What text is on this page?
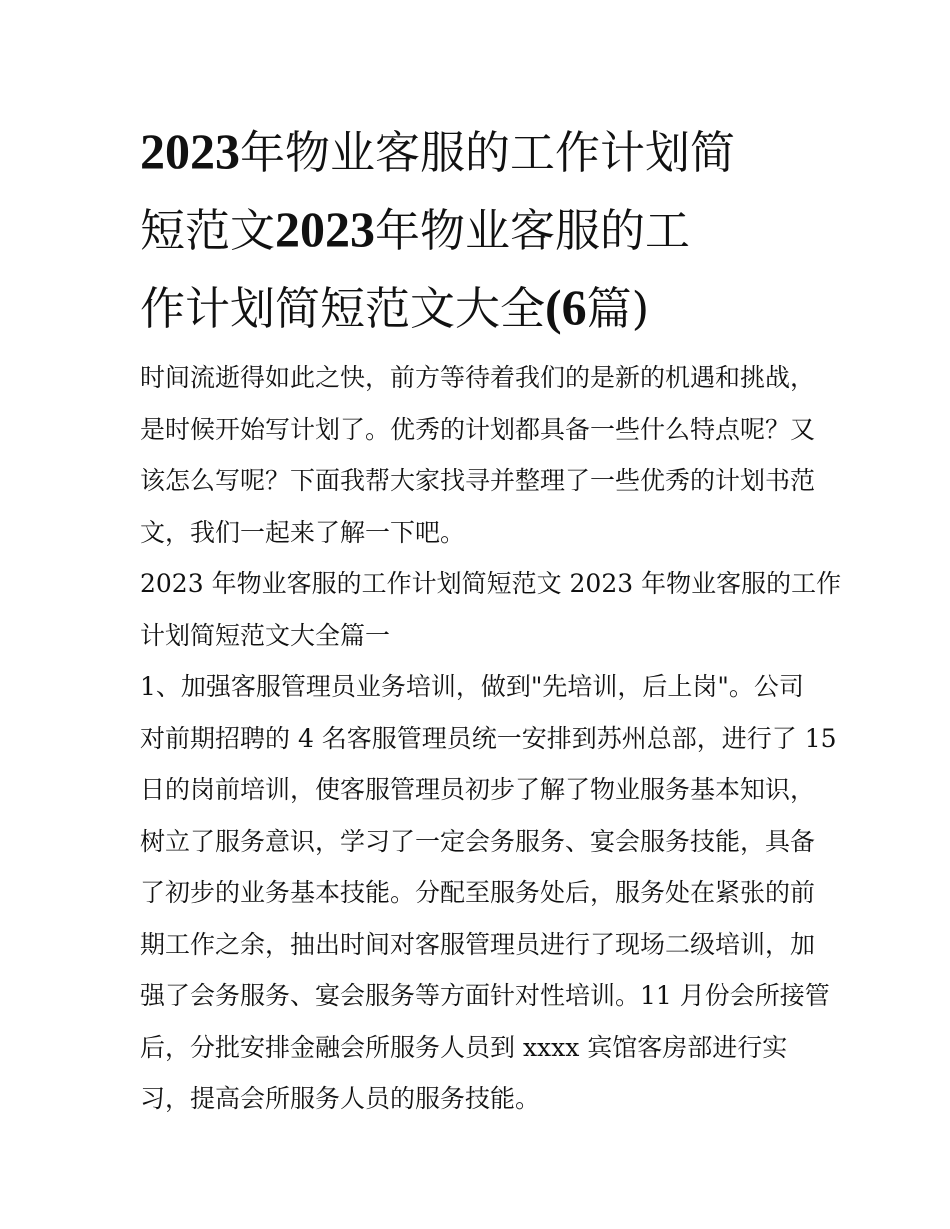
2023年物业客服的工作计划简
短范文2023年物业客服的工
作计划简短范文大全(6篇)
时间流逝得如此之快，前方等待着我们的是新的机遇和挑战，
是时候开始写计划了。优秀的计划都具备一些什么特点呢？又
该怎么写呢？下面我帮大家找寻并整理了一些优秀的计划书范
文，我们一起来了解一下吧。
2023 年物业客服的工作计划简短范文 2023 年物业客服的工作
计划简短范文大全篇一
1、加强客服管理员业务培训，做到"先培训，后上岗"。公司
对前期招聘的 4 名客服管理员统一安排到苏州总部，进行了 15
日的岗前培训，使客服管理员初步了解了物业服务基本知识，
树立了服务意识，学习了一定会务服务、宴会服务技能，具备
了初步的业务基本技能。分配至服务处后，服务处在紧张的前
期工作之余，抽出时间对客服管理员进行了现场二级培训，加
强了会务服务、宴会服务等方面针对性培训。11 月份会所接管
后，分批安排金融会所服务人员到 xxxx 宾馆客房部进行实
习，提高会所服务人员的服务技能。
